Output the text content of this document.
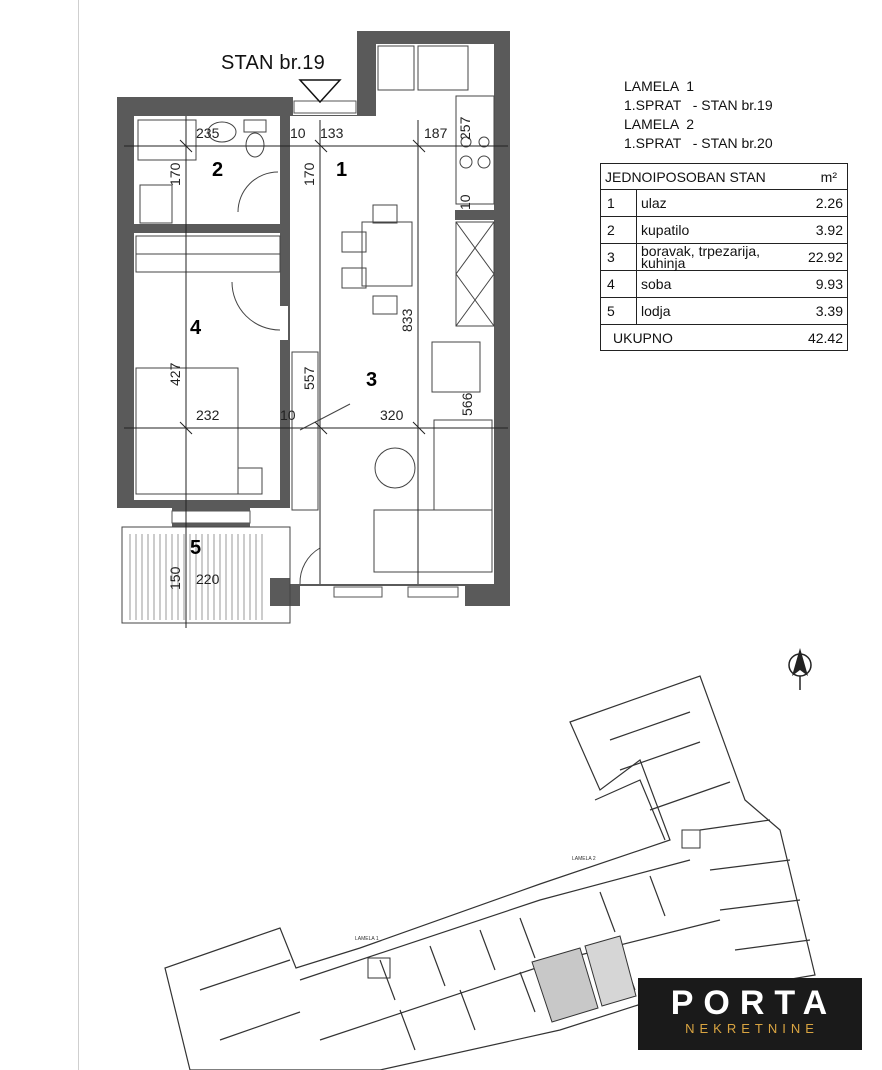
1
2
3
4
5
235	10 133	187
232	10	320
220
257
170	170
10
833
427	557
566
150
LAMELA 1
LAMELA 2
STAN br.19
LAMELA  1
1.SPRAT   - STAN br.19
LAMELA  2
1.SPRAT   - STAN br.20
JEDNOIPOSOBAN STAN	m²
1	ulaz	2.26
2	kupatilo	3.92
3	boravak, trpezarija, kuhinja	22.92
4	soba	9.93
5	lodja	3.39
UKUPNO	42.42
PORTA
NEKRETNINE
